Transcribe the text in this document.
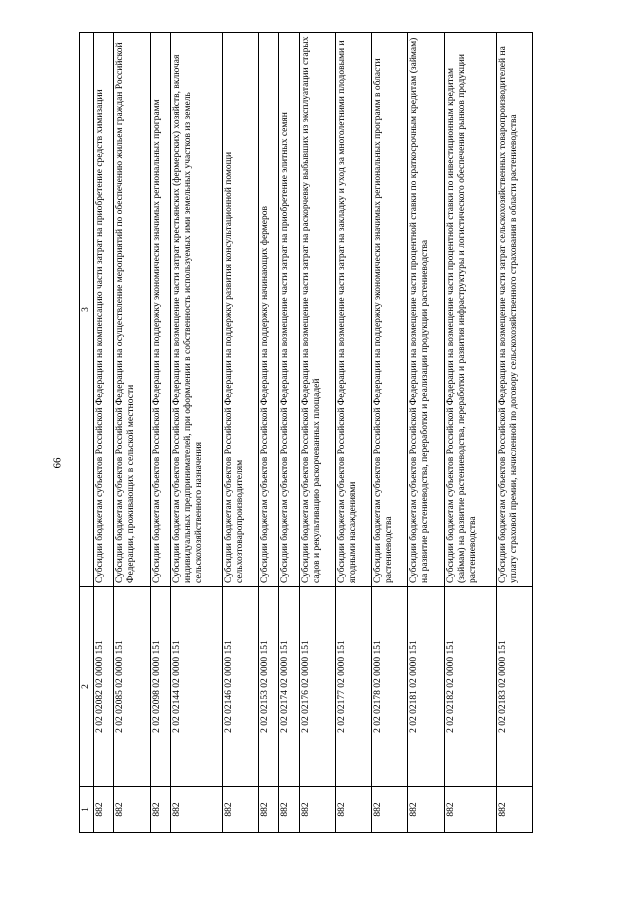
66
1	2	3
882	2 02 02082 02 0000 151	Субсидии бюджетам субъектов Российской Федерации на компенсацию части затрат на приобретение средств химизации
882	2 02 02085 02 0000 151	Субсидии бюджетам субъектов Российской Федерации на осуществление мероприятий по обеспечению жильем граждан Российской Федерации, проживающих в сельской местности
882	2 02 02098 02 0000 151	Субсидии бюджетам субъектов Российской Федерации на поддержку экономически значимых региональных программ
882	2 02 02144 02 0000 151	Субсидии бюджетам субъектов Российской Федерации на возмещение части затрат крестьянских (фермерских) хозяйств, включая индивидуальных предпринимателей, при оформлении в собственность используемых ими земельных участков из земель сельскохозяйственного назначения
882	2 02 02146 02 0000 151	Субсидии бюджетам субъектов Российской Федерации на поддержку развития консультационной помощи сельхозтоваропроизводителям
882	2 02 02153 02 0000 151	Субсидии бюджетам субъектов Российской Федерации на поддержку начинающих фермеров
882	2 02 02174 02 0000 151	Субсидии бюджетам субъектов Российской Федерации на возмещение части затрат на приобретение элитных семян
882	2 02 02176 02 0000 151	Субсидии бюджетам субъектов Российской Федерации на возмещение части затрат на раскорчевку выбывших из эксплуатации старых садов и рекультивацию раскорчеванных площадей
882	2 02 02177 02 0000 151	Субсидии бюджетам субъектов Российской Федерации на возмещение части затрат на закладку и уход за многолетними плодовыми и ягодными насаждениями
882	2 02 02178 02 0000 151	Субсидии бюджетам субъектов Российской Федерации на поддержку экономически значимых региональных программ в области растениеводства
882	2 02 02181 02 0000 151	Субсидии бюджетам субъектов Российской Федерации на возмещение части процентной ставки по краткосрочным кредитам (займам) на развитие растениеводства, переработки и реализации продукции растениеводства
882	2 02 02182 02 0000 151	Субсидии бюджетам субъектов Российской Федерации на возмещение части процентной ставки по инвестиционным кредитам (займам) на развитие растениеводства, переработки и развития инфраструктуры и логистического обеспечения рынков продукции растениеводства
882	2 02 02183 02 0000 151	Субсидии бюджетам субъектов Российской Федерации на возмещение части затрат сельскохозяйственных товаропроизводителей на уплату страховой премии, начисленной по договору сельскохозяйственного страхования в области растениеводства
